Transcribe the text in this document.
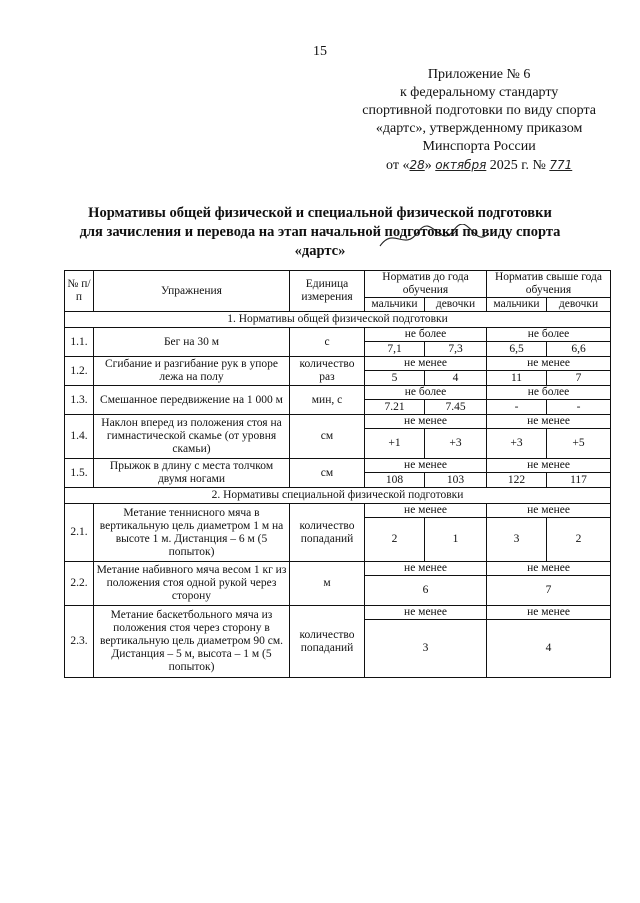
15
Приложение № 6
к федеральному стандарту
спортивной подготовки по виду спорта
«дартс», утвержденному приказом
Минспорта России
от «28» октября 2025 г. № 771
Нормативы общей физической и специальной физической подготовки
для зачисления и перевода на этап начальной подготовки по виду спорта
«дартс»
№ п/п	Упражнения	Единица измерения	Норматив до года обучения		Норматив свыше года обучения	
			мальчики	девочки	мальчики	девочки
1. Нормативы общей физической подготовки						
1.1.	Бег на 30 м	с	не более		не более	
			7,1	7,3	6,5	6,6
1.2.	Сгибание и разгибание рук в упоре лежа на полу	количество раз	не менее		не менее	
			5	4	11	7
1.3.	Смешанное передвижение на 1 000 м	мин, с	не более		не более	
			7.21	7.45	-	-
1.4.	Наклон вперед из положения стоя на гимнастической скамье (от уровня скамьи)	см	не менее		не менее	
			+1	+3	+3	+5
1.5.	Прыжок в длину с места толчком двумя ногами	см	не менее		не менее	
			108	103	122	117
2. Нормативы специальной физической подготовки						
2.1.	Метание теннисного мяча в вертикальную цель диаметром 1 м на высоте 1 м. Дистанция – 6 м (5 попыток)	количество попаданий	не менее		не менее	
			2	1	3	2
2.2.	Метание набивного мяча весом 1 кг из положения стоя одной рукой через сторону	м	не менее		не менее	
			6		7	
2.3.	Метание баскетбольного мяча из положения стоя через сторону в вертикальную цель диаметром 90 см. Дистанция – 5 м, высота – 1 м (5 попыток)	количество попаданий	не менее		не менее	
			3		4	
